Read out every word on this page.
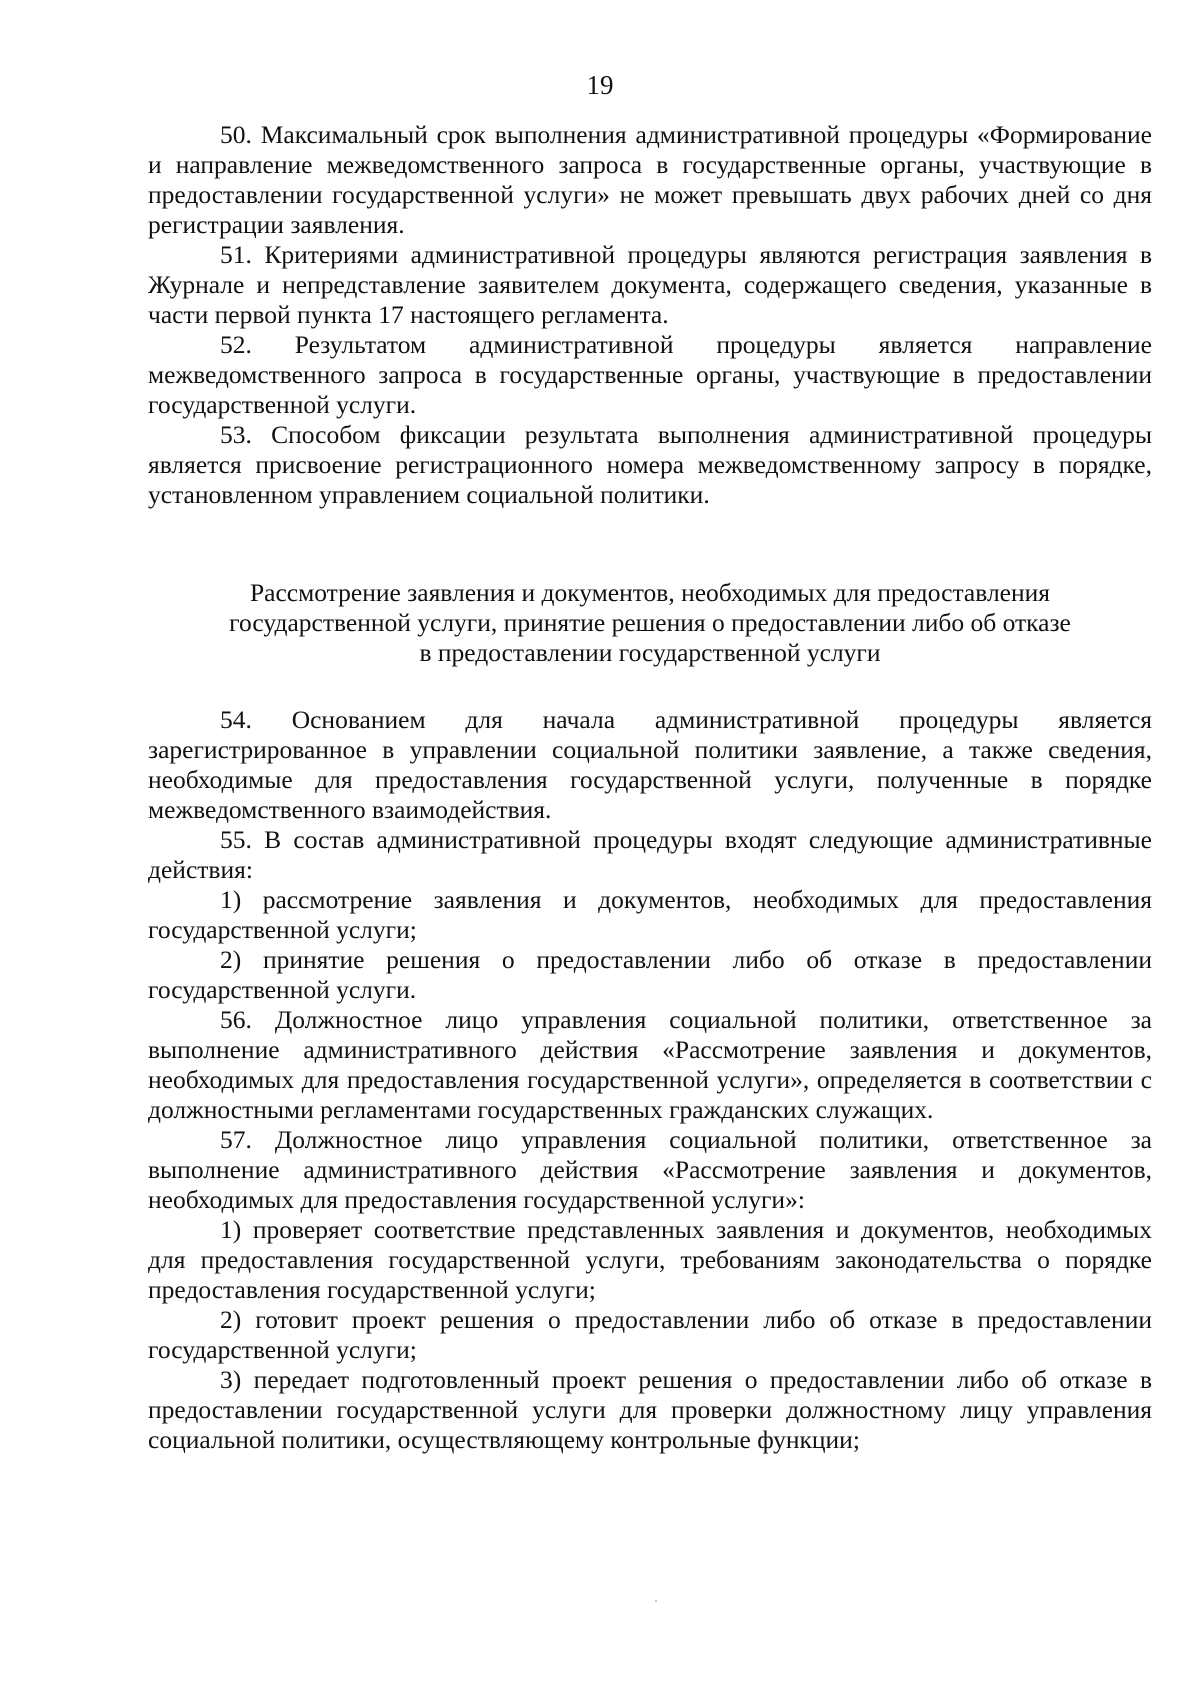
19

50. Максимальный срок выполнения административной процедуры «Формирование и направление межведомственного запроса в государственные органы, участвующие в предоставлении государственной услуги» не может превышать двух рабочих дней со дня регистрации заявления.

51. Критериями административной процедуры являются регистрация заявления в Журнале и непредставление заявителем документа, содержащего сведения, указанные в части первой пункта 17 настоящего регламента.

52. Результатом административной процедуры является направление межведомственного запроса в государственные органы, участвующие в предоставлении государственной услуги.

53. Способом фиксации результата выполнения административной процедуры является присвоение регистрационного номера межведомственному запросу в порядке, установленном управлением социальной политики.

Рассмотрение заявления и документов, необходимых для предоставления
государственной услуги, принятие решения о предоставлении либо об отказе
в предоставлении государственной услуги

54. Основанием для начала административной процедуры является зарегистрированное в управлении социальной политики заявление, а также сведения, необходимые для предоставления государственной услуги, полученные в порядке межведомственного взаимодействия.

55. В состав административной процедуры входят следующие административные действия:

1) рассмотрение заявления и документов, необходимых для предоставления государственной услуги;

2) принятие решения о предоставлении либо об отказе в предоставлении государственной услуги.

56. Должностное лицо управления социальной политики, ответственное за выполнение административного действия «Рассмотрение заявления и документов, необходимых для предоставления государственной услуги», определяется в соответствии с должностными регламентами государственных гражданских служащих.

57. Должностное лицо управления социальной политики, ответственное за выполнение административного действия «Рассмотрение заявления и документов, необходимых для предоставления государственной услуги»:

1) проверяет соответствие представленных заявления и документов, необходимых для предоставления государственной услуги, требованиям законодательства о порядке предоставления государственной услуги;

2) готовит проект решения о предоставлении либо об отказе в предоставлении государственной услуги;

3) передает подготовленный проект решения о предоставлении либо об отказе в предоставлении государственной услуги для проверки должностному лицу управления социальной политики, осуществляющему контрольные функции;
